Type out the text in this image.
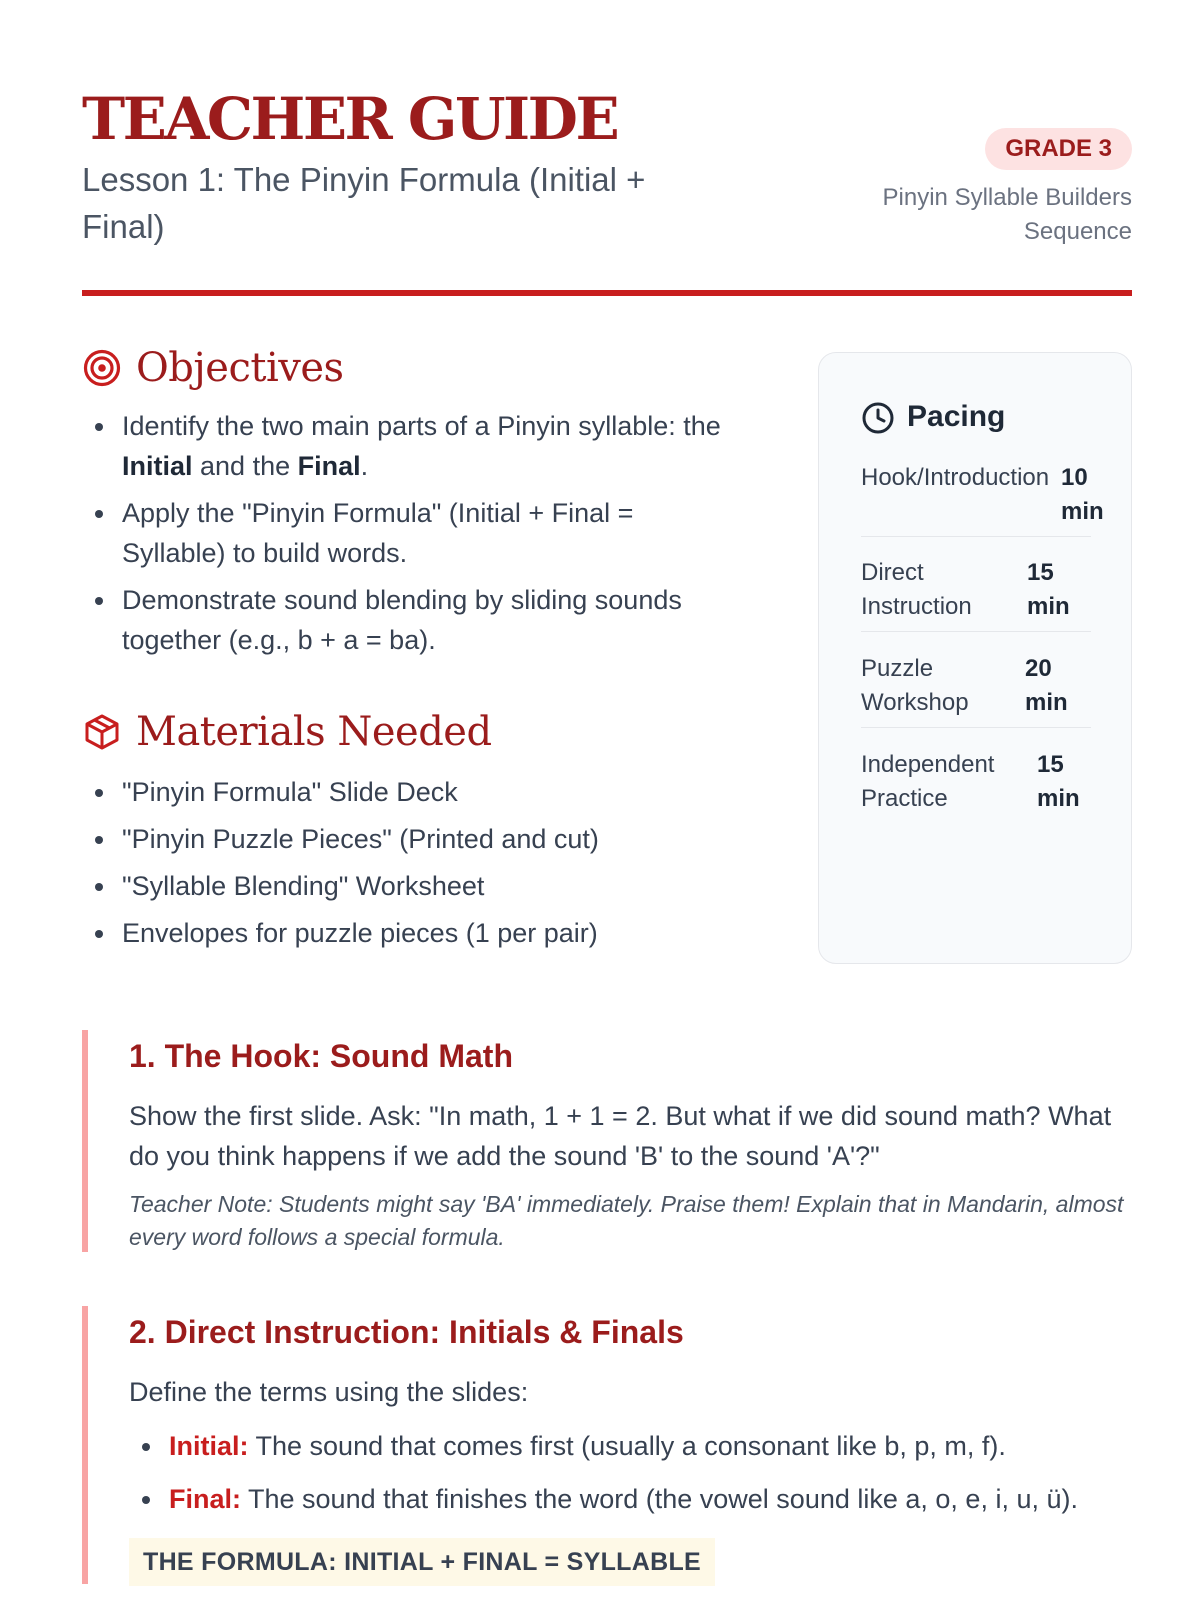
TEACHER GUIDE
Lesson 1: The Pinyin Formula (Initial + Final)
GRADE 3
Pinyin Syllable Builders Sequence
Objectives
Identify the two main parts of a Pinyin syllable: the Initial and the Final.
Apply the "Pinyin Formula" (Initial + Final = Syllable) to build words.
Demonstrate sound blending by sliding sounds together (e.g., b + a = ba).
Materials Needed
"Pinyin Formula" Slide Deck
"Pinyin Puzzle Pieces" (Printed and cut)
"Syllable Blending" Worksheet
Envelopes for puzzle pieces (1 per pair)
Pacing
Hook/Introduction 10 min
Direct Instruction
15 min
Puzzle Workshop
20 min
Independent Practice
15 min
1. The Hook: Sound Math
Show the first slide. Ask: "In math, 1 + 1 = 2. But what if we did sound math? What do you think happens if we add the sound 'B' to the sound 'A'?"
Teacher Note: Students might say 'BA' immediately. Praise them! Explain that in Mandarin, almost every word follows a special formula.
2. Direct Instruction: Initials & Finals
Define the terms using the slides:
Initial: The sound that comes first (usually a consonant like b, p, m, f).
Final: The sound that finishes the word (the vowel sound like a, o, e, i, u, ü).
THE FORMULA: INITIAL + FINAL = SYLLABLE
